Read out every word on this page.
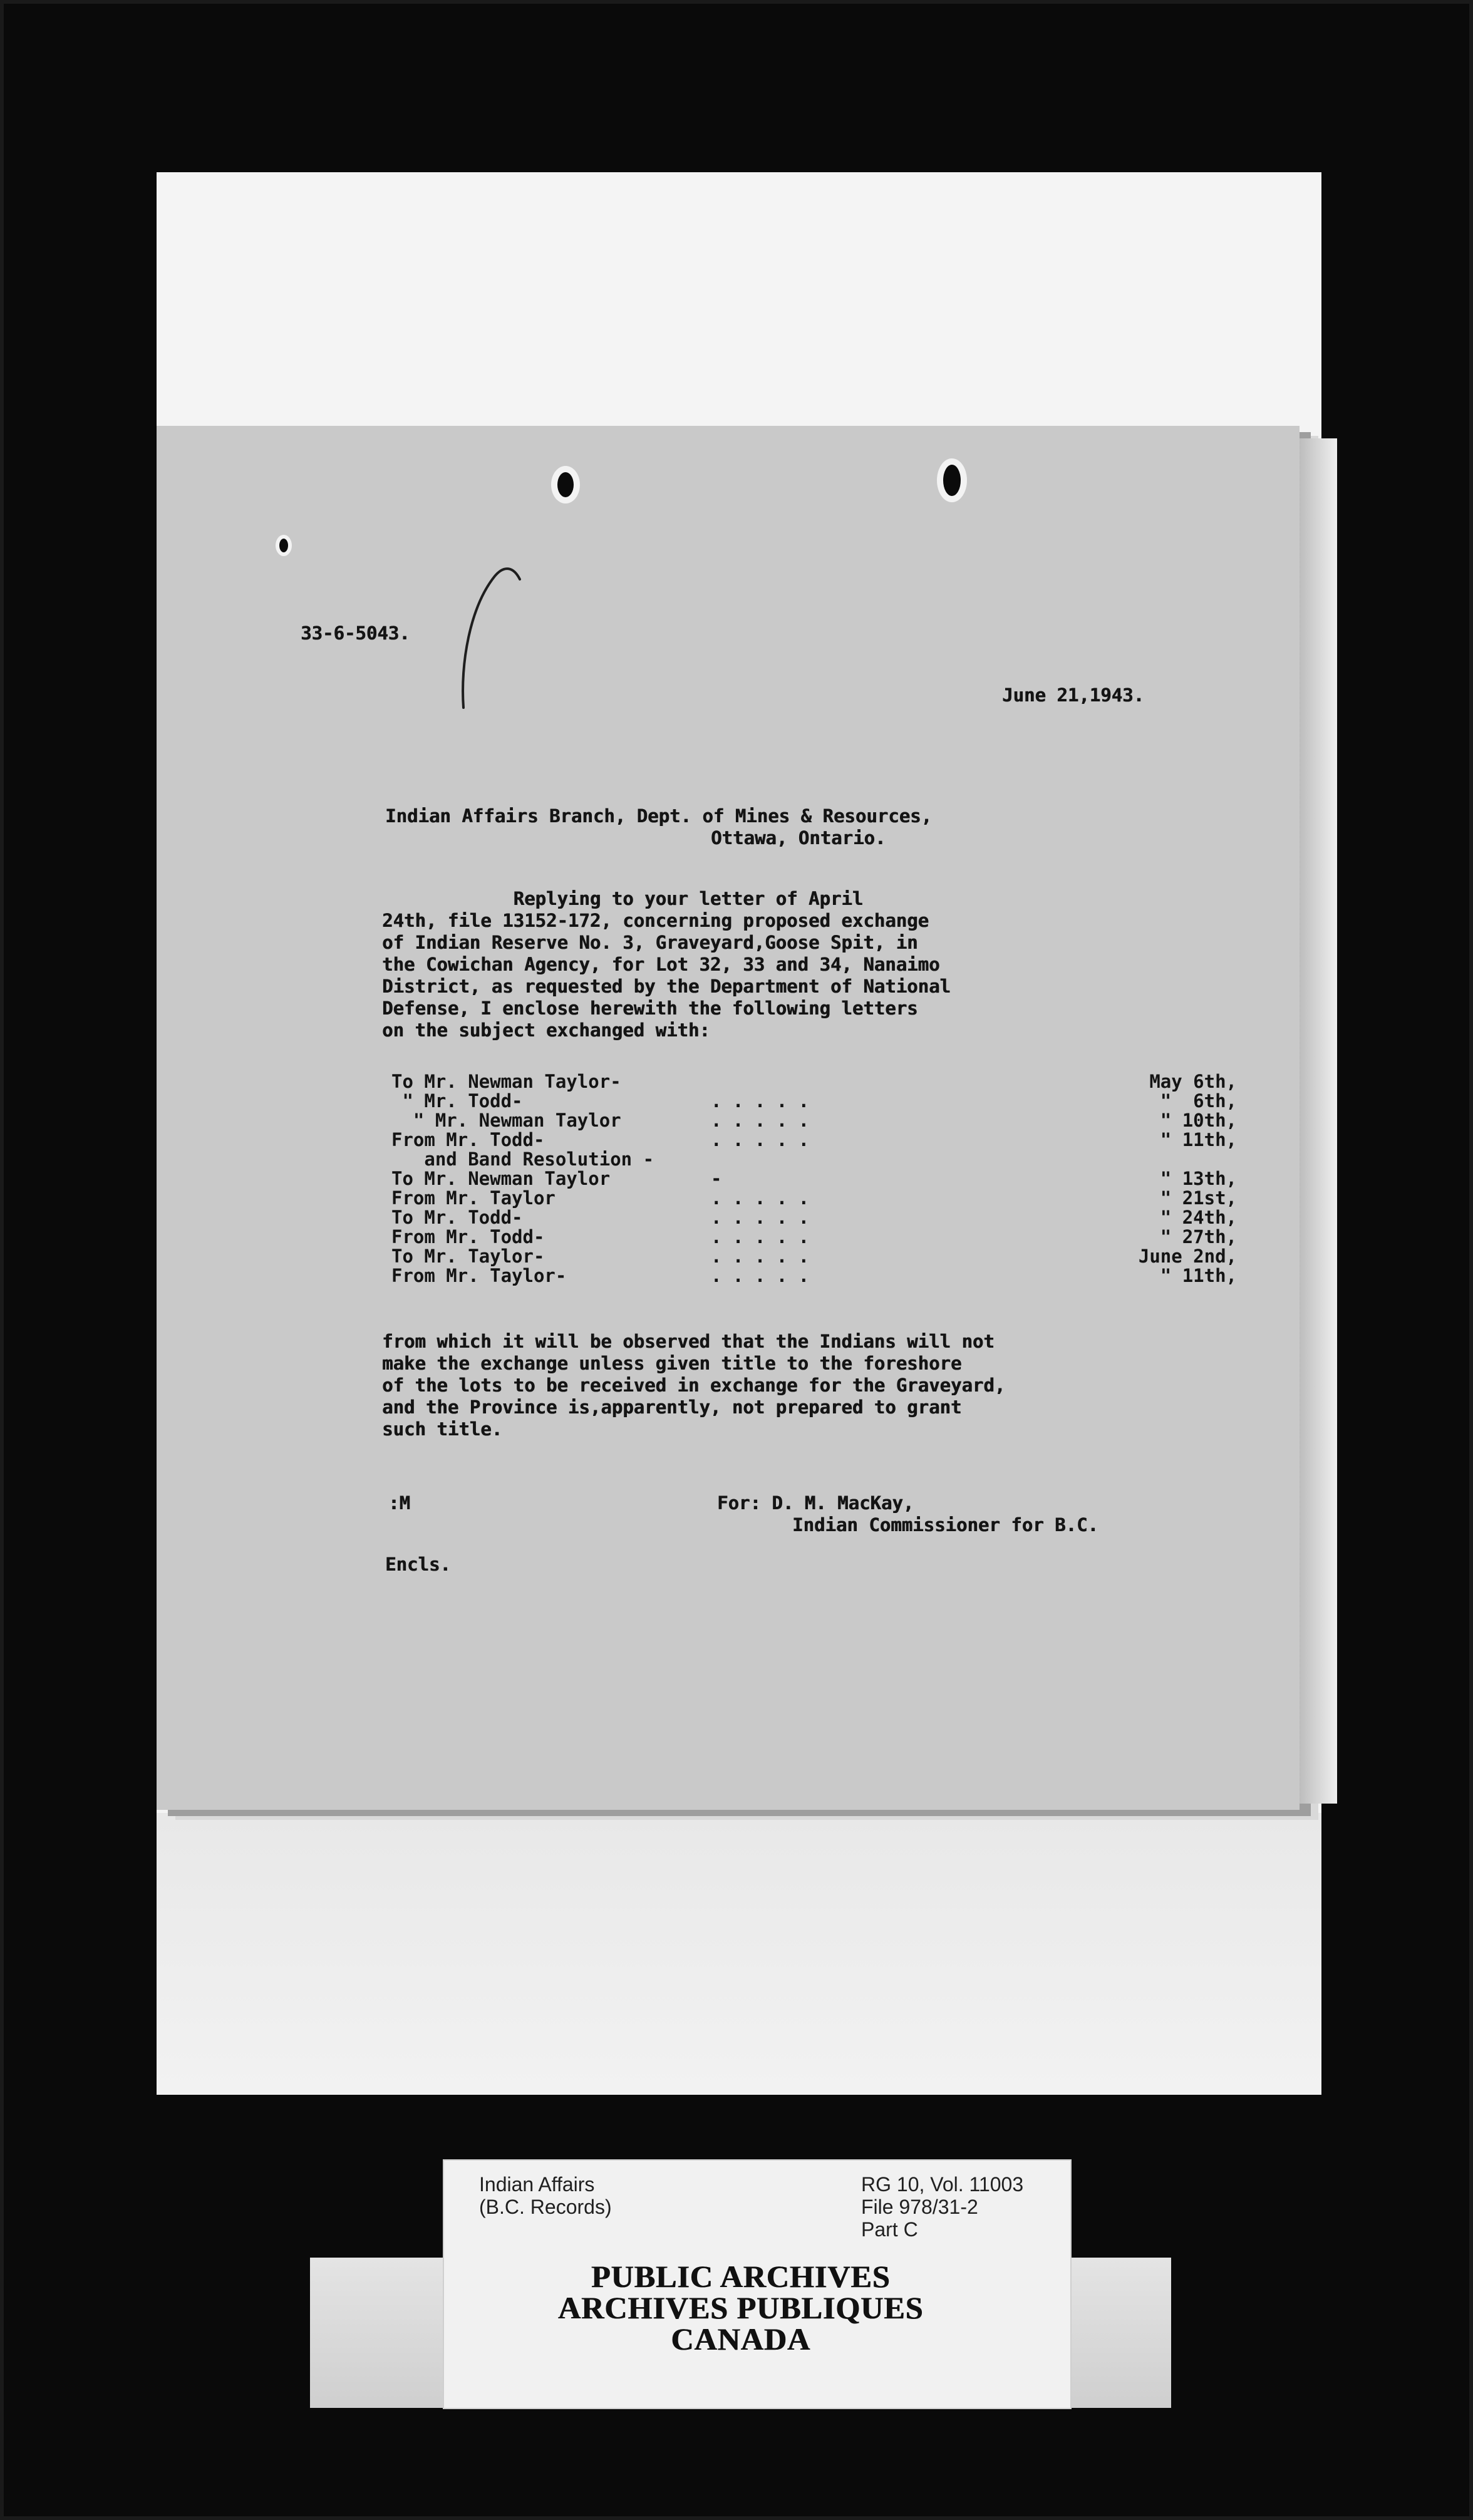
33-6-5043.

June 21,1943.

Indian Affairs Branch, Dept. of Mines & Resources,

Ottawa, Ontario.

Replying to your letter of April
24th, file 13152-172, concerning proposed exchange
of Indian Reserve No. 3, Graveyard,Goose Spit, in
the Cowichan Agency, for Lot 32, 33 and 34, Nanaimo
District, as requested by the Department of National
Defense, I enclose herewith the following letters
on the subject exchanged with:

To Mr. Newman Taylor-	May 6th,
" Mr. Todd-	. . . . .	"  6th,
" Mr. Newman Taylor	. . . . .	" 10th,
From Mr. Todd-	. . . . .	" 11th,
and Band Resolution -
To Mr. Newman Taylor	-	" 13th,
From Mr. Taylor	. . . . .	" 21st,
To Mr. Todd-	. . . . .	" 24th,
From Mr. Todd-	. . . . .	" 27th,
To Mr. Taylor-	. . . . .	June 2nd,
From Mr. Taylor-	. . . . .	" 11th,

from which it will be observed that the Indians will not
make the exchange unless given title to the foreshore
of the lots to be received in exchange for the Graveyard,
and the Province is,apparently, not prepared to grant
such title.

:M	For: D. M. MacKay,

Indian Commissioner for B.C.

Encls.

Indian Affairs

(B.C. Records)

RG 10, Vol. 11003

File 978/31-2

Part C

PUBLIC ARCHIVES

ARCHIVES PUBLIQUES

CANADA
